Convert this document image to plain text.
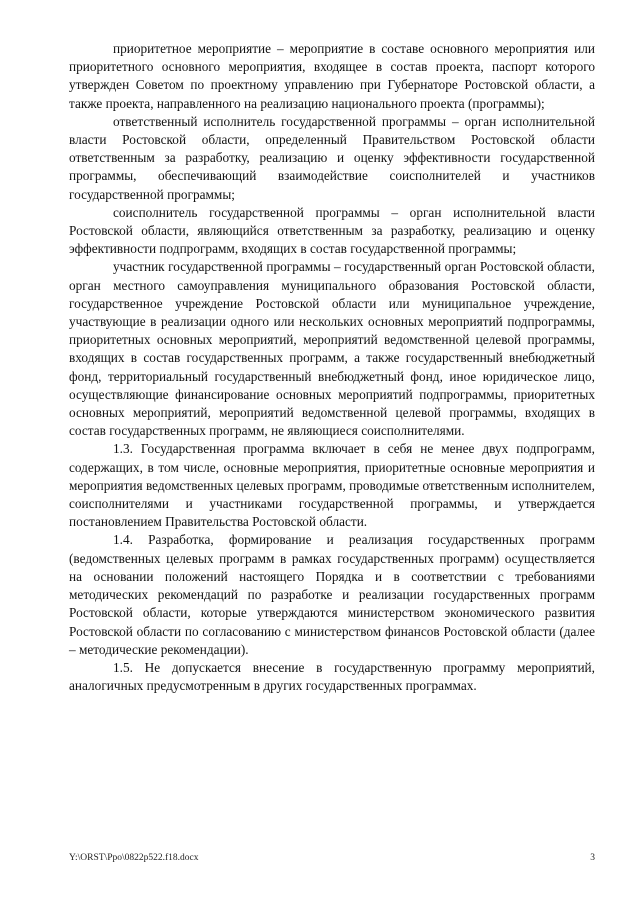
приоритетное мероприятие – мероприятие в составе основного мероприятия или приоритетного основного мероприятия, входящее в состав проекта, паспорт которого утвержден Советом по проектному управлению при Губернаторе Ростовской области, а также проекта, направленного на реализацию национального проекта (программы);

ответственный исполнитель государственной программы – орган исполнительной власти Ростовской области, определенный Правительством Ростовской области ответственным за разработку, реализацию и оценку эффективности государственной программы, обеспечивающий взаимодействие соисполнителей и участников государственной программы;

соисполнитель государственной программы – орган исполнительной власти Ростовской области, являющийся ответственным за разработку, реализацию и оценку эффективности подпрограмм, входящих в состав государственной программы;

участник государственной программы – государственный орган Ростовской области, орган местного самоуправления муниципального образования Ростовской области, государственное учреждение Ростовской области или муниципальное учреждение, участвующие в реализации одного или нескольких основных мероприятий подпрограммы, приоритетных основных мероприятий, мероприятий ведомственной целевой программы, входящих в состав государственных программ, а также государственный внебюджетный фонд, территориальный государственный внебюджетный фонд, иное юридическое лицо, осуществляющие финансирование основных мероприятий подпрограммы, приоритетных основных мероприятий, мероприятий ведомственной целевой программы, входящих в состав государственных программ, не являющиеся соисполнителями.

1.3. Государственная программа включает в себя не менее двух подпрограмм, содержащих, в том числе, основные мероприятия, приоритетные основные мероприятия и мероприятия ведомственных целевых программ, проводимые ответственным исполнителем, соисполнителями и участниками государственной программы, и утверждается постановлением Правительства Ростовской области.

1.4. Разработка, формирование и реализация государственных программ (ведомственных целевых программ в рамках государственных программ) осуществляется на основании положений настоящего Порядка и в соответствии с требованиями методических рекомендаций по разработке и реализации государственных программ Ростовской области, которые утверждаются министерством экономического развития Ростовской области по согласованию с министерством финансов Ростовской области (далее – методические рекомендации).

1.5. Не допускается внесение в государственную программу мероприятий, аналогичных предусмотренным в других государственных программах.

Y:\ORST\Ppo\0822p522.f18.docx	3
